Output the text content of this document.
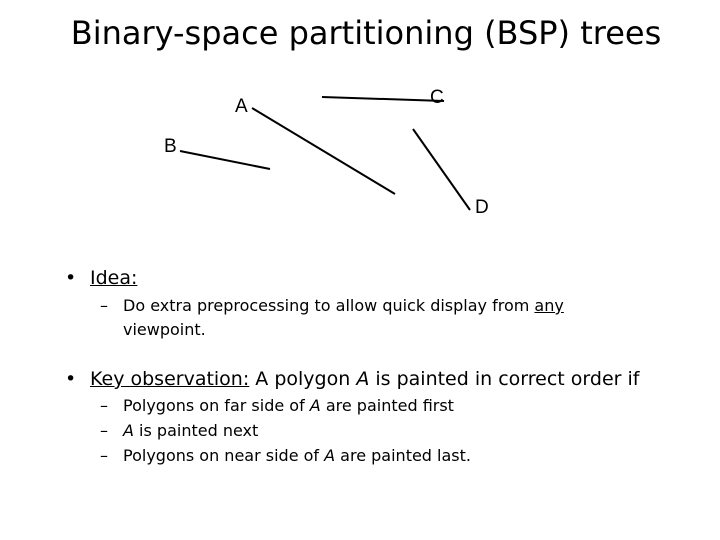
Binary-space partitioning (BSP) trees
A	C
B
D
• Idea:
– Do extra preprocessing to allow quick display from any
viewpoint.
• Key observation: A polygon A is painted in correct order if
– Polygons on far side of A are painted first
– A is painted next
– Polygons on near side of A are painted last.
